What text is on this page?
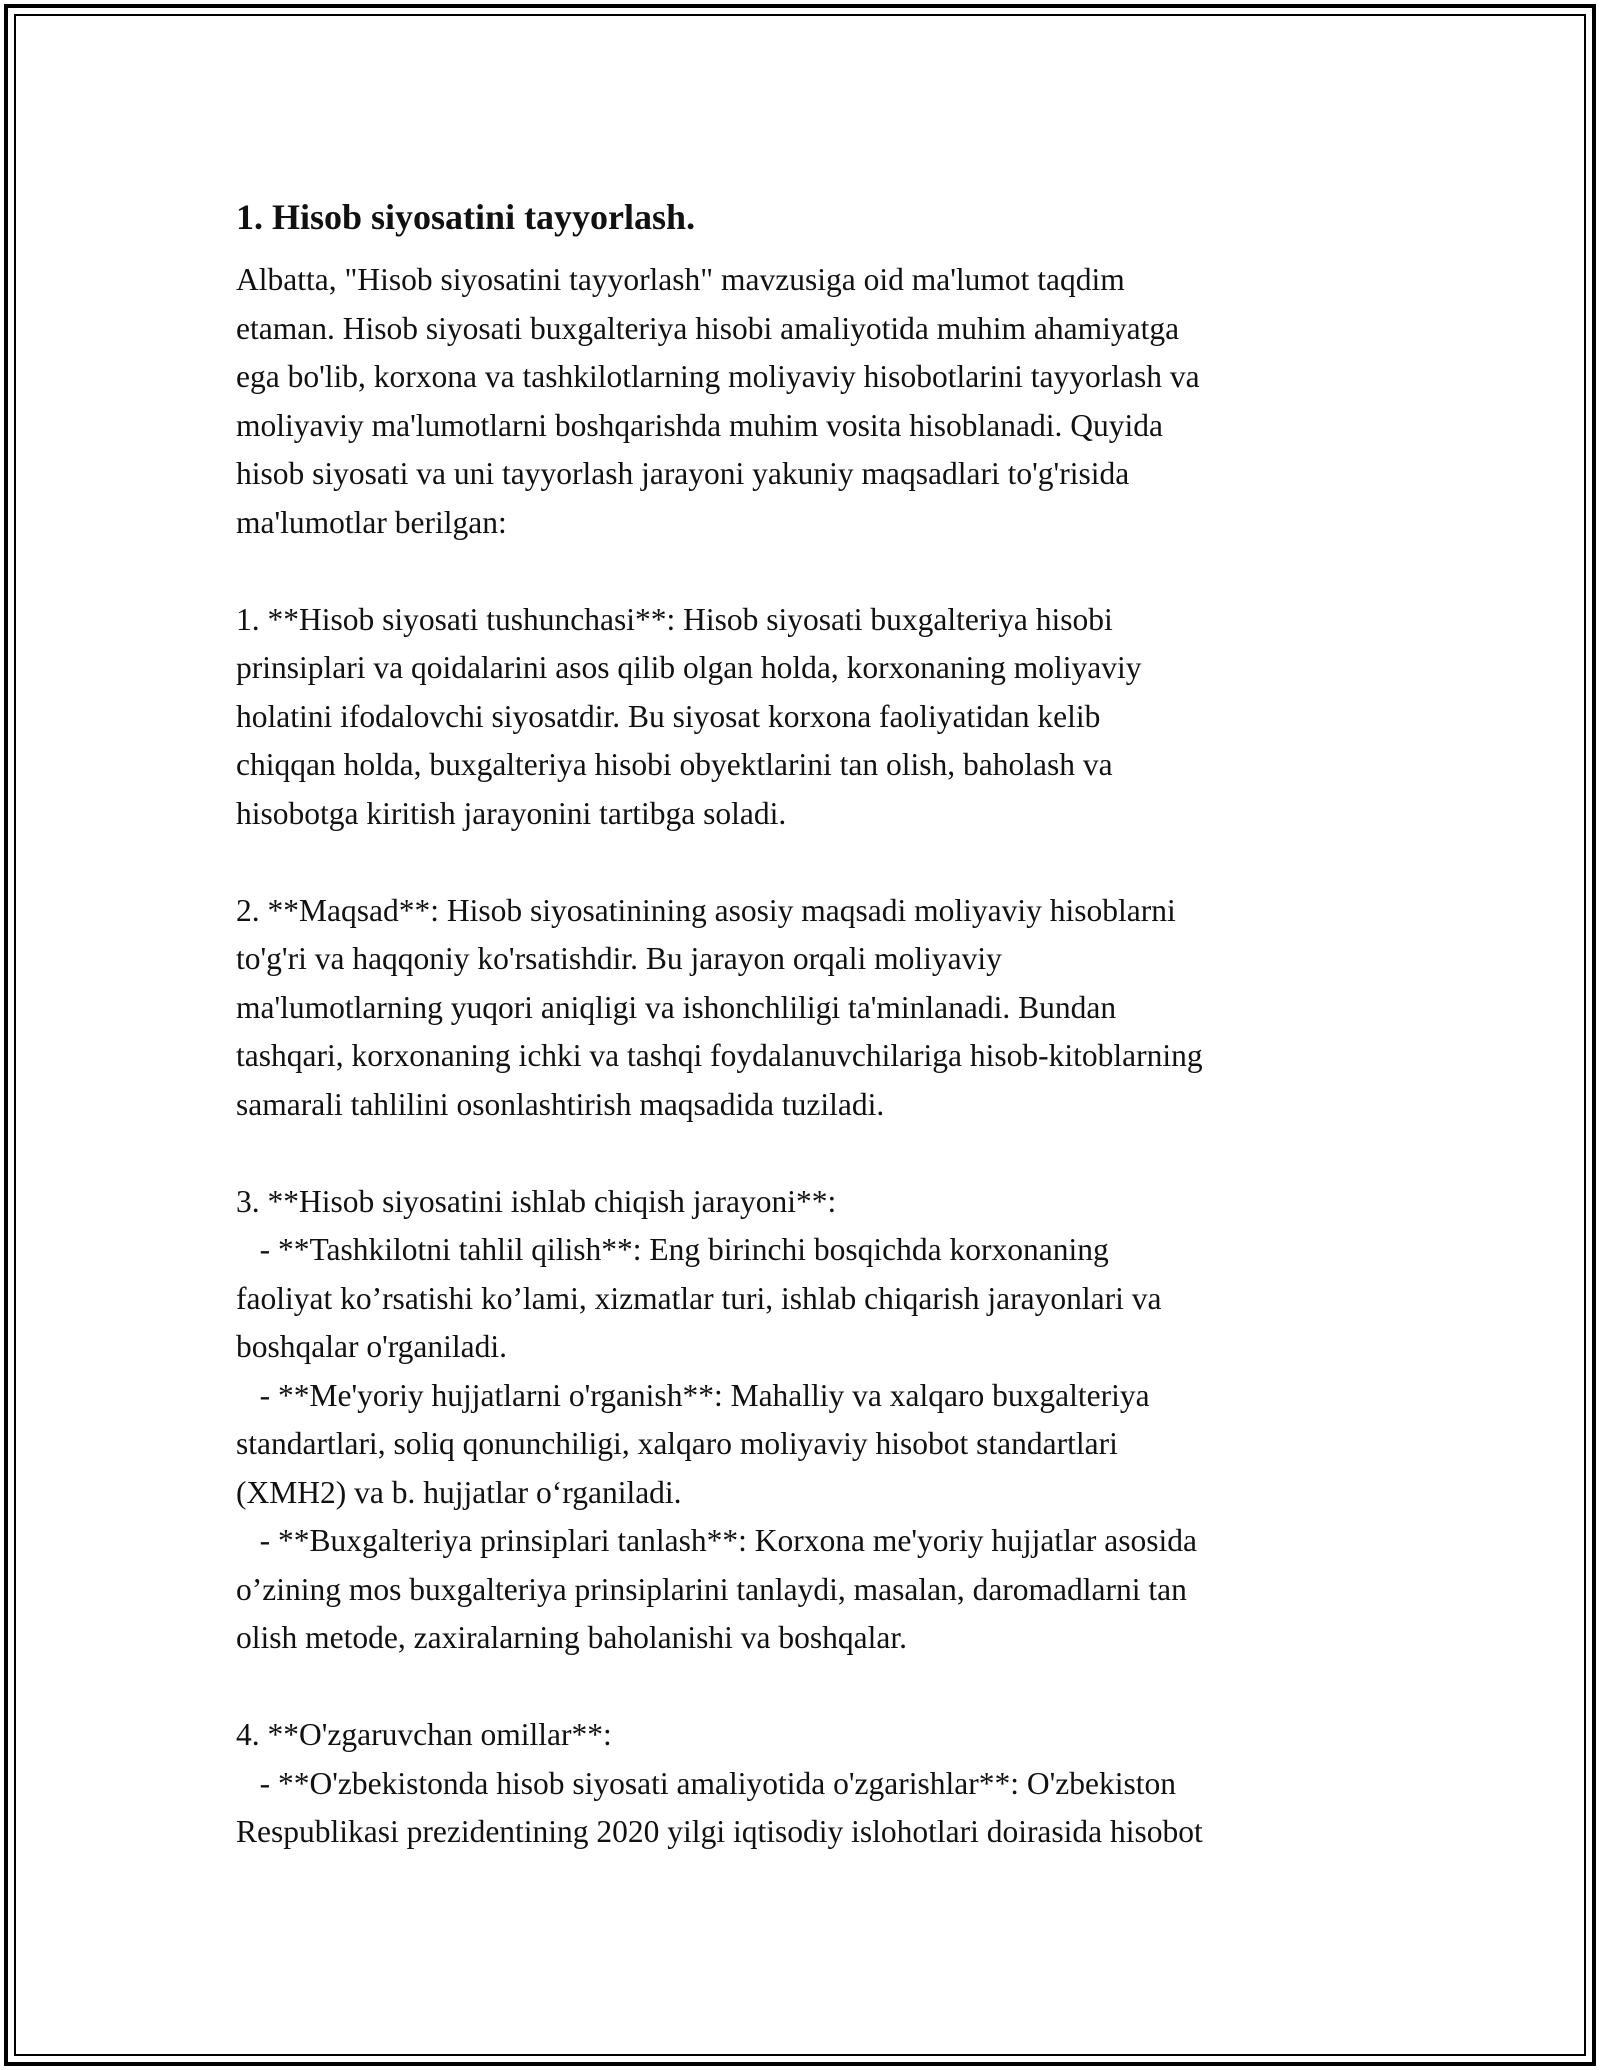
1. Hisob siyosatini tayyorlash.
Albatta, "Hisob siyosatini tayyorlash" mavzusiga oid ma'lumot taqdim
etaman. Hisob siyosati buxgalteriya hisobi amaliyotida muhim ahamiyatga
ega bo'lib, korxona va tashkilotlarning moliyaviy hisobotlarini tayyorlash va
moliyaviy ma'lumotlarni boshqarishda muhim vosita hisoblanadi. Quyida
hisob siyosati va uni tayyorlash jarayoni yakuniy maqsadlari to'g'risida
ma'lumotlar berilgan:

1. **Hisob siyosati tushunchasi**: Hisob siyosati buxgalteriya hisobi
prinsiplari va qoidalarini asos qilib olgan holda, korxonaning moliyaviy
holatini ifodalovchi siyosatdir. Bu siyosat korxona faoliyatidan kelib
chiqqan holda, buxgalteriya hisobi obyektlarini tan olish, baholash va
hisobotga kiritish jarayonini tartibga soladi.

2. **Maqsad**: Hisob siyosatinining asosiy maqsadi moliyaviy hisoblarni
to'g'ri va haqqoniy ko'rsatishdir. Bu jarayon orqali moliyaviy
ma'lumotlarning yuqori aniqligi va ishonchliligi ta'minlanadi. Bundan
tashqari, korxonaning ichki va tashqi foydalanuvchilariga hisob-kitoblarning
samarali tahlilini osonlashtirish maqsadida tuziladi.

3. **Hisob siyosatini ishlab chiqish jarayoni**:
- **Tashkilotni tahlil qilish**: Eng birinchi bosqichda korxonaning
faoliyat ko’rsatishi ko’lami, xizmatlar turi, ishlab chiqarish jarayonlari va
boshqalar o'rganiladi.
- **Me'yoriy hujjatlarni o'rganish**: Mahalliy va xalqaro buxgalteriya
standartlari, soliq qonunchiligi, xalqaro moliyaviy hisobot standartlari
(XMH2) va b. hujjatlar o‘rganiladi.
- **Buxgalteriya prinsiplari tanlash**: Korxona me'yoriy hujjatlar asosida
o’zining mos buxgalteriya prinsiplarini tanlaydi, masalan, daromadlarni tan
olish metode, zaxiralarning baholanishi va boshqalar.

4. **O'zgaruvchan omillar**:
- **O'zbekistonda hisob siyosati amaliyotida o'zgarishlar**: O'zbekiston
Respublikasi prezidentining 2020 yilgi iqtisodiy islohotlari doirasida hisobot
